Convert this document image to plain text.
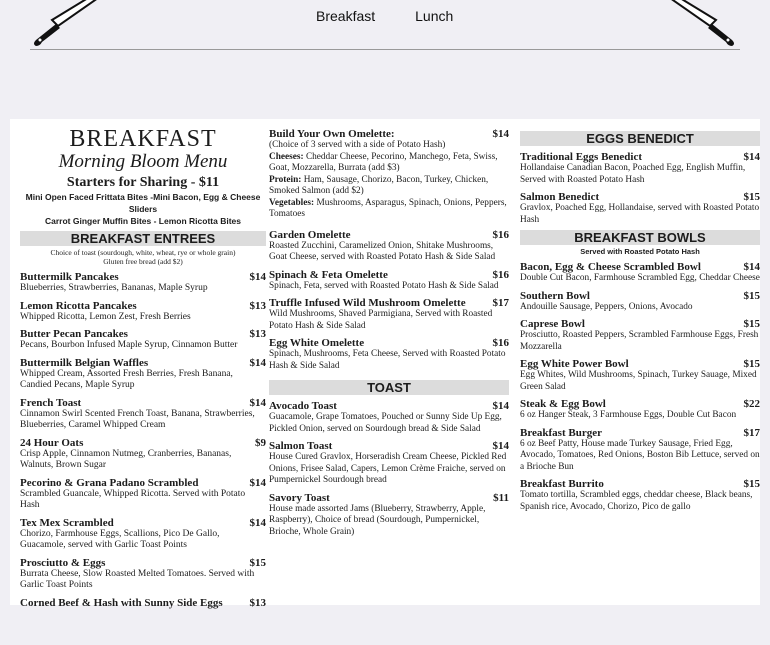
Breakfast	Lunch
BREAKFAST
Morning Bloom Menu
Starters for Sharing - $11
Mini Open Faced Frittata Bites -Mini Bacon, Egg & Cheese Sliders
Carrot Ginger Muffin Bites - Lemon Ricotta Bites
BREAKFAST ENTREES
Choice of toast (sourdough, white, wheat, rye or whole grain)
Gluten free bread (add $2)
Buttermilk Pancakes	$14
Blueberries, Strawberries, Bananas, Maple Syrup
Lemon Ricotta Pancakes	$13
Whipped Ricotta, Lemon Zest, Fresh Berries
Butter Pecan Pancakes	$13
Pecans, Bourbon Infused Maple Syrup, Cinnamon Butter
Buttermilk Belgian Waffles	$14
Whipped Cream, Assorted Fresh Berries, Fresh Banana, Candied Pecans, Maple Syrup
French Toast	$14
Cinnamon Swirl Scented French Toast, Banana, Strawberries, Blueberries, Caramel Whipped Cream
24 Hour Oats	$9
Crisp Apple, Cinnamon Nutmeg, Cranberries, Bananas, Walnuts, Brown Sugar
Pecorino & Grana Padano Scrambled	$14
Scrambled Guancale, Whipped Ricotta. Served with Potato Hash
Tex Mex Scrambled	$14
Chorizo, Farmhouse Eggs, Scallions, Pico De Gallo, Guacamole, served with Garlic Toast Points
Prosciutto & Eggs	$15
Burrata Cheese, Slow Roasted Melted Tomatoes. Served with Garlic Toast Points
Corned Beef & Hash with Sunny Side Eggs $13
Build Your Own Omelette:	$14
(Choice of 3 served with a side of Potato Hash)
Cheeses: Cheddar Cheese, Pecorino, Manchego, Feta, Swiss, Goat, Mozzarella, Burrata (add $3)
Protein: Ham, Sausage, Chorizo, Bacon, Turkey, Chicken, Smoked Salmon (add $2)
Vegetables: Mushrooms, Asparagus, Spinach, Onions, Peppers, Tomatoes
Garden Omelette	$16
Roasted Zucchini, Caramelized Onion, Shitake Mushrooms, Goat Cheese, served with Roasted Potato Hash & Side Salad
Spinach & Feta Omelette	$16
Spinach, Feta, served with Roasted Potato Hash & Side Salad
Truffle Infused Wild Mushroom Omelette $17
Wild Mushrooms, Shaved Parmigiana, Served with Roasted Potato Hash & Side Salad
Egg White Omelette	$16
Spinach, Mushrooms, Feta Cheese, Served with Roasted Potato Hash & Side Salad
TOAST
Avocado Toast	$14
Guacamole, Grape Tomatoes, Pouched or Sunny Side Up Egg, Pickled Onion, served on Sourdough bread & Side Salad
Salmon Toast	$14
House Cured Gravlox, Horseradish Cream Cheese, Pickled Red Onions, Frisee Salad, Capers, Lemon Crème Fraiche, served on Pumpernickel Sourdough bread
Savory Toast	$11
House made assorted Jams (Blueberry, Strawberry, Apple, Raspberry), Choice of bread (Sourdough, Pumpernickel, Brioche, Whole Grain)
EGGS BENEDICT
Traditional Eggs Benedict	$14
Hollandaise Canadian Bacon, Poached Egg, English Muffin, Served with Roasted Potato Hash
Salmon Benedict	$15
Gravlox, Poached Egg, Hollandaise, served with Roasted Potato Hash
BREAKFAST BOWLS
Served with Roasted Potato Hash
Bacon, Egg & Cheese Scrambled Bowl	$14
Double Cut Bacon, Farmhouse Scrambled Egg, Cheddar Cheese
Southern Bowl	$15
Andouille Sausage, Peppers, Onions, Avocado
Caprese Bowl	$15
Prosciutto, Roasted Peppers, Scrambled Farmhouse Eggs, Fresh Mozzarella
Egg White Power Bowl	$15
Egg Whites, Wild Mushrooms, Spinach, Turkey Sauage, Mixed Green Salad
Steak & Egg Bowl	$22
6 oz Hanger Steak, 3 Farmhouse Eggs, Double Cut Bacon
Breakfast Burger	$17
6 oz Beef Patty, House made Turkey Sausage, Fried Egg, Avocado, Tomatoes, Red Onions, Boston Bib Lettuce, served on a Brioche Bun
Breakfast Burrito	$15
Tomato tortilla, Scrambled eggs, cheddar cheese, Black beans, Spanish rice, Avocado, Chorizo, Pico de gallo
